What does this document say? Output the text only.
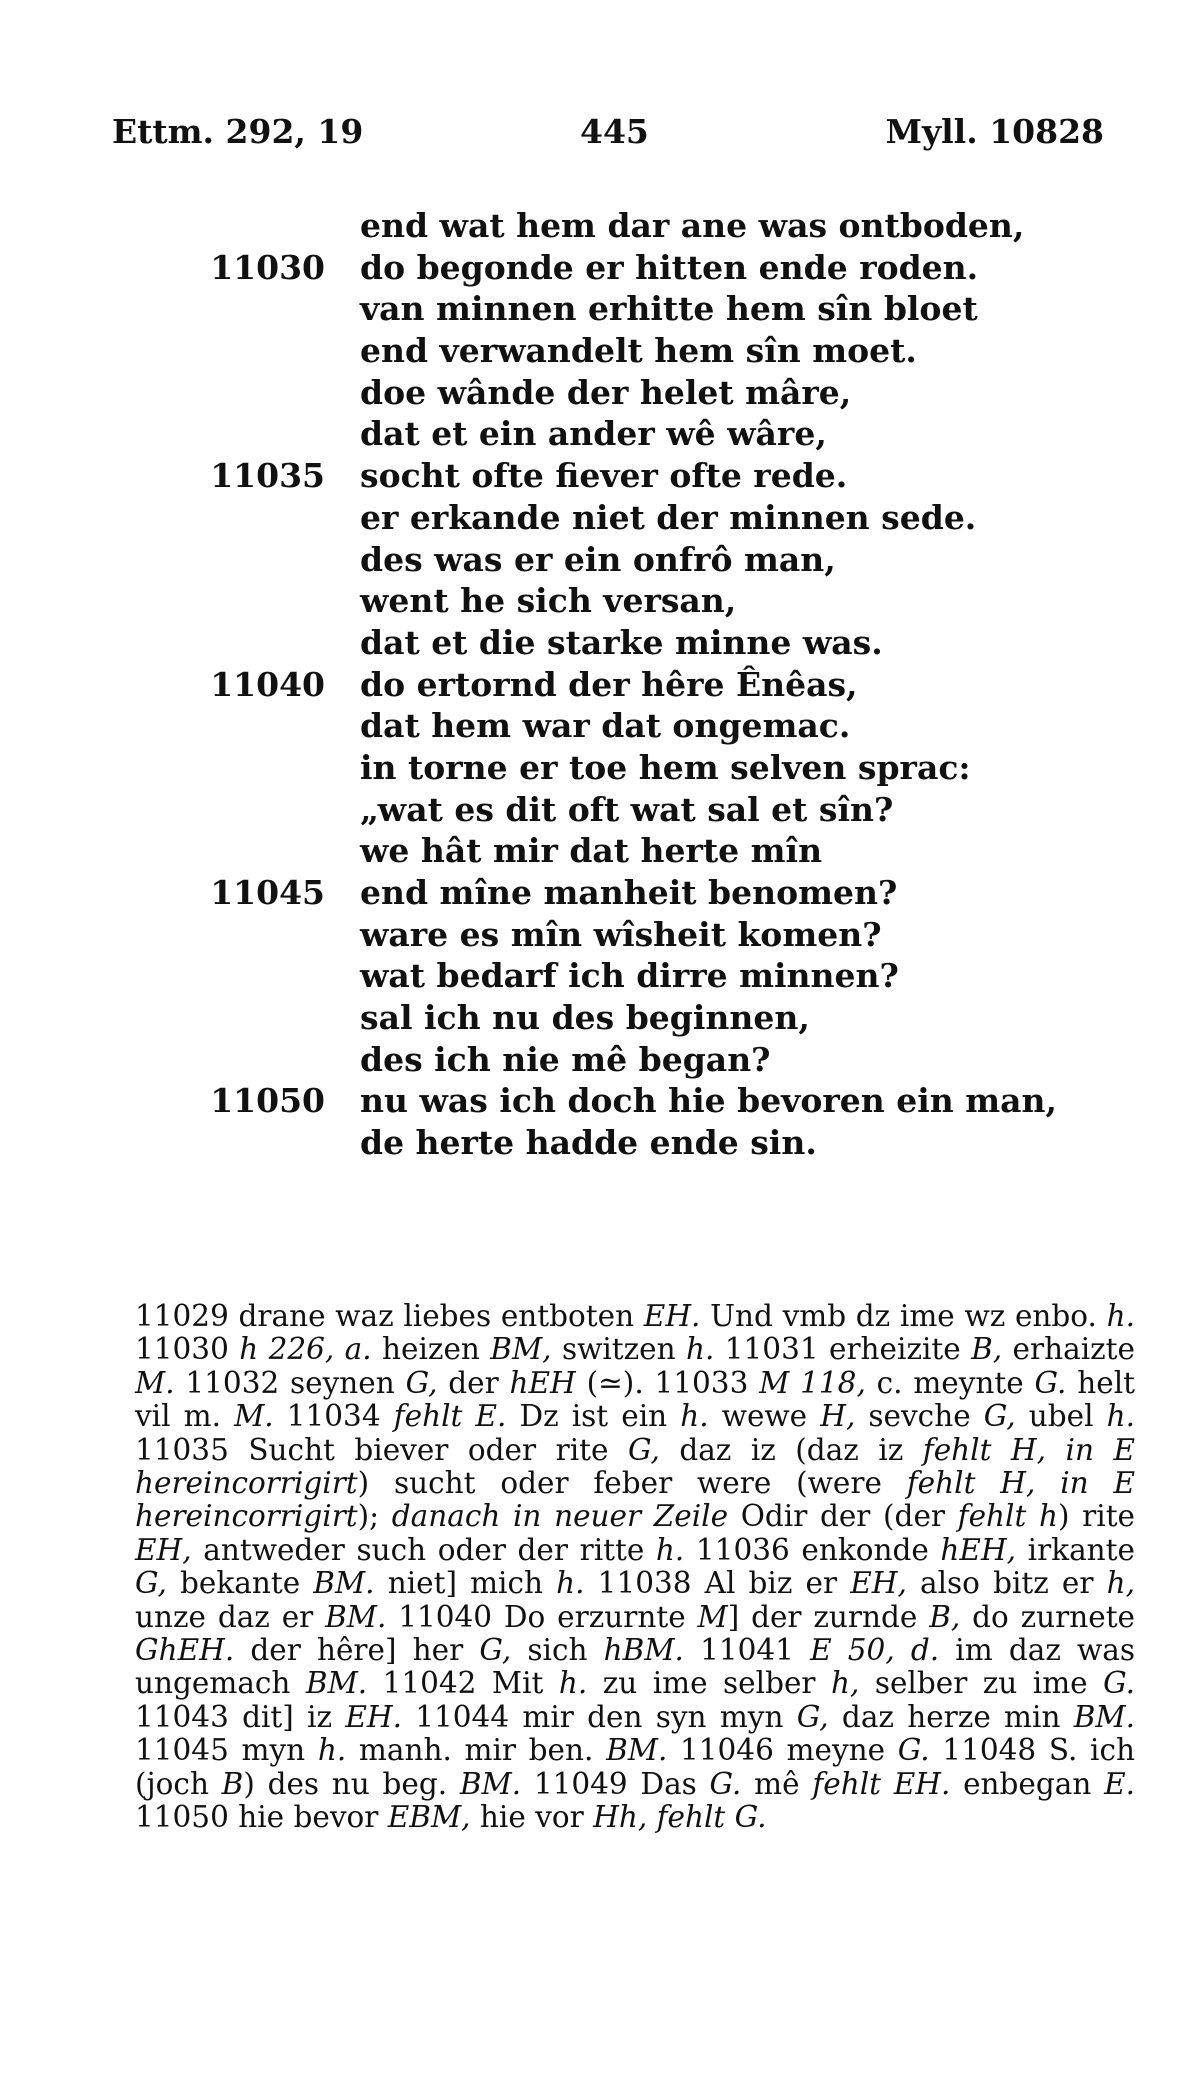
Ettm. 292, 19	445	Myll. 10828
end wat hem dar ane was ontboden,
11030 do begonde er hitten ende roden.
van minnen erhitte hem sîn bloet
end verwandelt hem sîn moet.
doe wânde der helet mâre,
dat et ein ander wê wâre,
11035 socht ofte fiever ofte rede.
er erkande niet der minnen sede.
des was er ein onfrô man,
went he sich versan,
dat et die starke minne was.
11040 do ertornd der hêre Ênêas,
dat hem war dat ongemac.
in torne er toe hem selven sprac:
„wat es dit oft wat sal et sîn?
we hât mir dat herte mîn
11045 end mîne manheit benomen?
ware es mîn wîsheit komen?
wat bedarf ich dirre minnen?
sal ich nu des beginnen,
des ich nie mê began?
11050 nu was ich doch hie bevoren ein man,
de herte hadde ende sin.

11029 drane waz liebes entboten EH. Und vmb dz ime wz enbo. h. 11030 h 226, a. heizen BM, switzen h. 11031 erheizite B, erhaizte M. 11032 seynen G, der hEH (≃). 11033 M 118, c. meynte G. helt vil m. M. 11034 fehlt E. Dz ist ein h. wewe H, sevche G, ubel h. 11035 Sucht biever oder rite G, daz iz (daz iz fehlt H, in E hereincorrigirt) sucht oder feber were (were fehlt H, in E hereincorrigirt); danach in neuer Zeile Odir der (der fehlt h) rite EH, antweder such oder der ritte h. 11036 enkonde hEH, irkante G, bekante BM. niet] mich h. 11038 Al biz er EH, also bitz er h, unze daz er BM. 11040 Do erzurnte M] der zurnde B, do zurnete GhEH. der hêre] her G, sich hBM. 11041 E 50, d. im daz was ungemach BM. 11042 Mit h. zu ime selber h, selber zu ime G. 11043 dit] iz EH. 11044 mir den syn myn G, daz herze min BM. 11045 myn h. manh. mir ben. BM. 11046 meyne G. 11048 S. ich (joch B) des nu beg. BM. 11049 Das G. mê fehlt EH. enbegan E. 11050 hie bevor EBM, hie vor Hh, fehlt G.
